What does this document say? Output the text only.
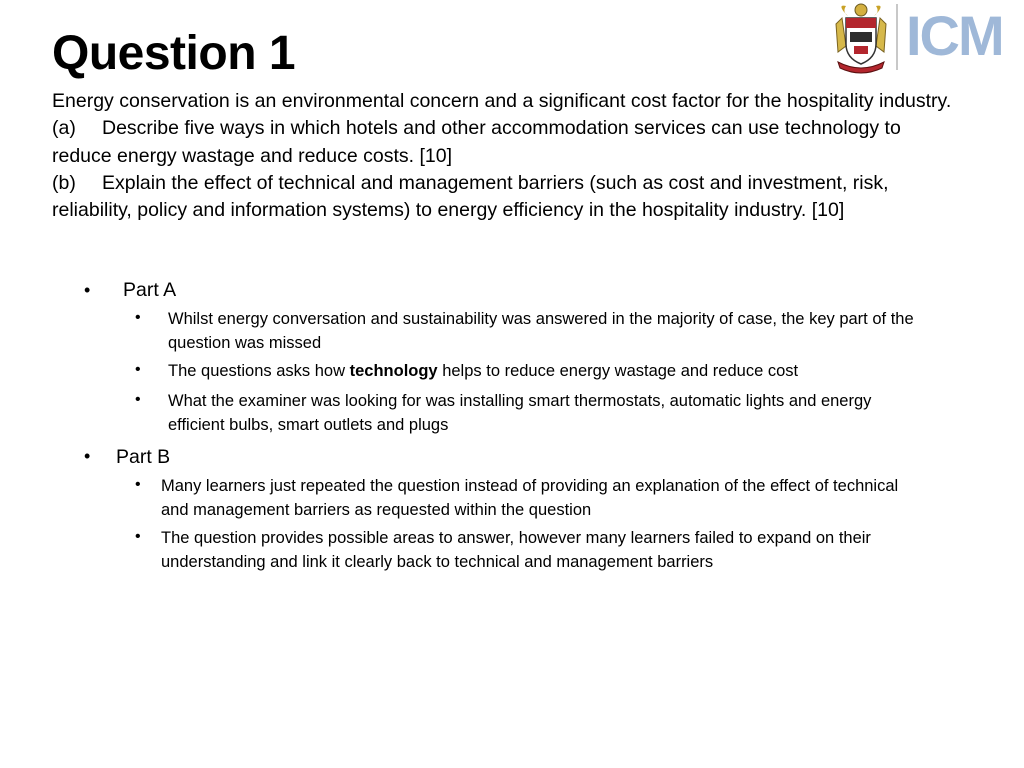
Question 1	ICM

Energy conservation is an environmental concern and a significant cost factor for the hospitality industry.

(a) Describe five ways in which hotels and other accommodation services can use technology to reduce energy wastage and reduce costs. [10]

(b) Explain the effect of technical and management barriers (such as cost and investment, risk, reliability, policy and information systems) to energy efficiency in the hospitality industry. [10]

• Part A
• Whilst energy conversation and sustainability was answered in the majority of case, the key part of the question was missed
• The questions asks how technology helps to reduce energy wastage and reduce cost
• What the examiner was looking for was installing smart thermostats, automatic lights and energy efficient bulbs, smart outlets and plugs
• Part B
• Many learners just repeated the question instead of providing an explanation of the effect of technical and management barriers as requested within the question
• The question provides possible areas to answer, however many learners failed to expand on their understanding and link it clearly back to technical and management barriers
